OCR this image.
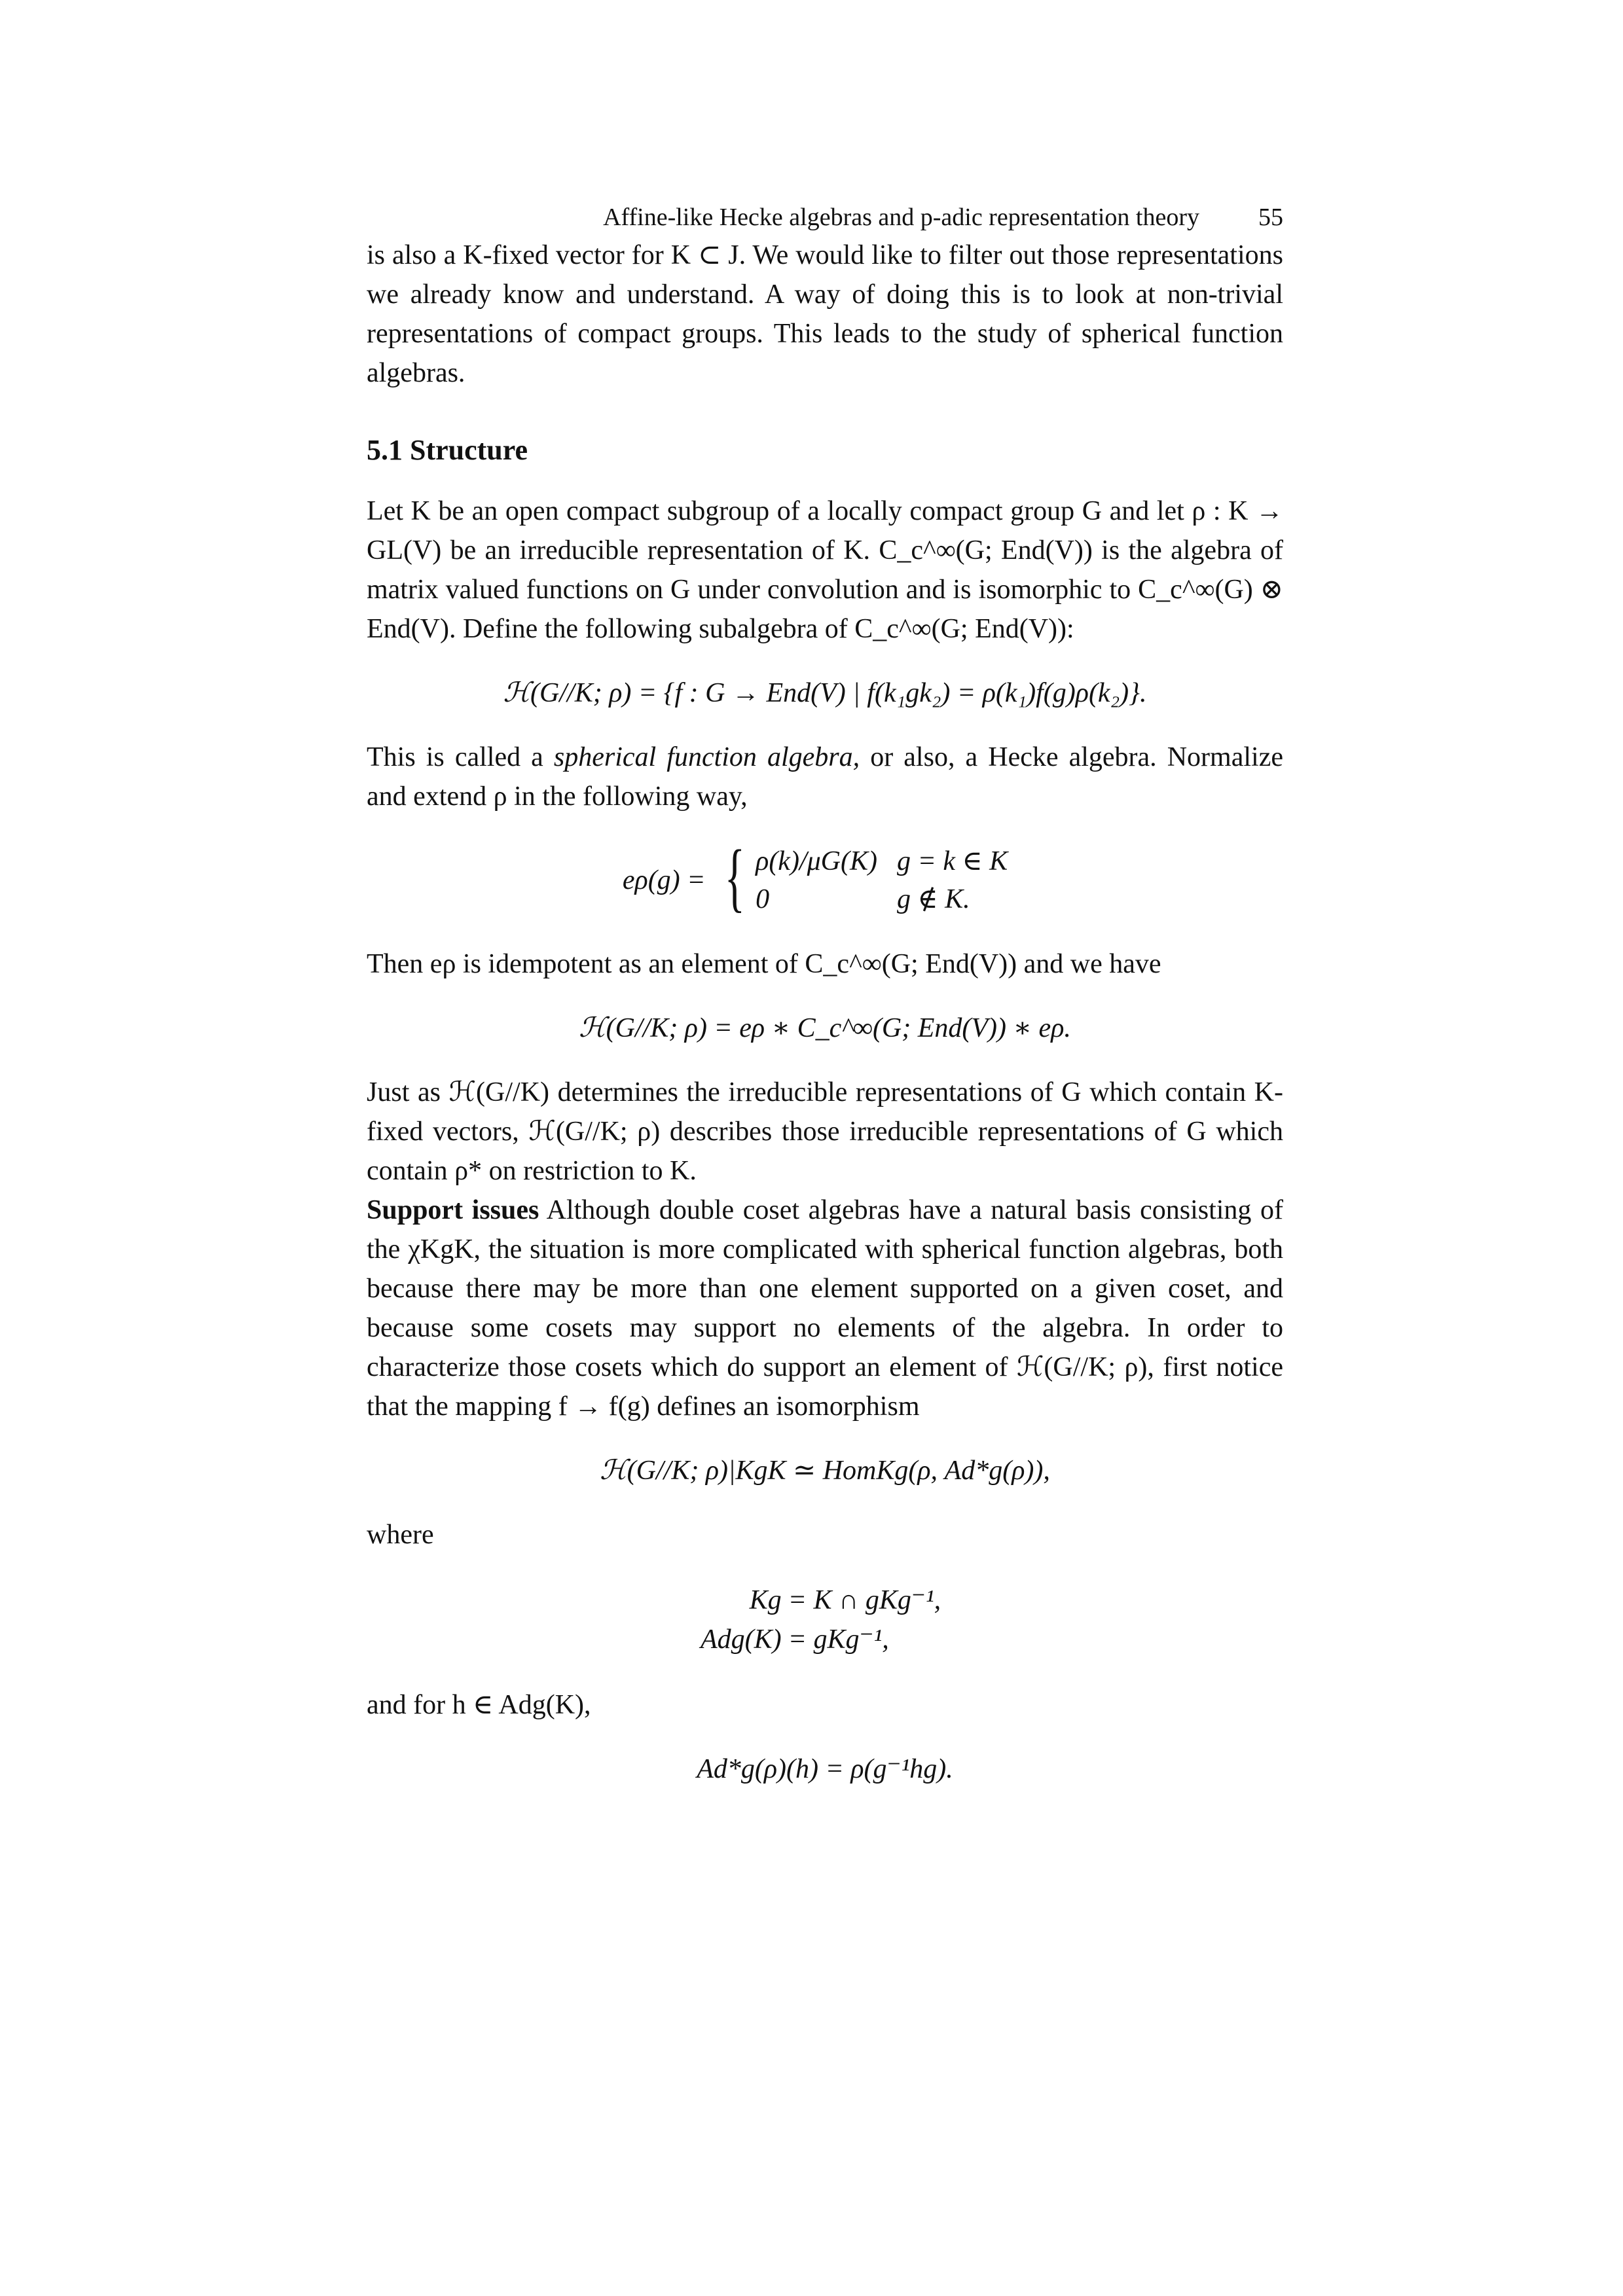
Affine-like Hecke algebras and p-adic representation theory 55

is also a K-fixed vector for K ⊂ J. We would like to filter out those representations we already know and understand. A way of doing this is to look at non-trivial representations of compact groups. This leads to the study of spherical function algebras.

5.1 Structure

Let K be an open compact subgroup of a locally compact group G and let ρ : K → GL(V) be an irreducible representation of K. C_c^∞(G; End(V)) is the algebra of matrix valued functions on G under convolution and is isomorphic to C_c^∞(G) ⊗ End(V). Define the following subalgebra of C_c^∞(G; End(V)):

ℋ(G//K; ρ) = {f : G → End(V) | f(k₁gk₂) = ρ(k₁)f(g)ρ(k₂)}.

This is called a spherical function algebra, or also, a Hecke algebra. Normalize and extend ρ in the following way,

eρ(g) = { ρ(k)/μG(K)	g = k ∈ K
0	g ∉ K.

Then eρ is idempotent as an element of C_c^∞(G; End(V)) and we have

ℋ(G//K; ρ) = eρ ∗ C_c^∞(G; End(V)) ∗ eρ.

Just as ℋ(G//K) determines the irreducible representations of G which contain K-fixed vectors, ℋ(G//K; ρ) describes those irreducible representations of G which contain ρ* on restriction to K.

Support issues Although double coset algebras have a natural basis consisting of the χKgK, the situation is more complicated with spherical function algebras, both because there may be more than one element supported on a given coset, and because some cosets may support no elements of the algebra. In order to characterize those cosets which do support an element of ℋ(G//K; ρ), first notice that the mapping f → f(g) defines an isomorphism

ℋ(G//K; ρ)|KgK ≃ HomKg(ρ, Ad*g(ρ)),

where

Kg	= K ∩ gKg⁻¹,
Adg(K)	= gKg⁻¹,

and for h ∈ Adg(K),

Ad*g(ρ)(h) = ρ(g⁻¹hg).
